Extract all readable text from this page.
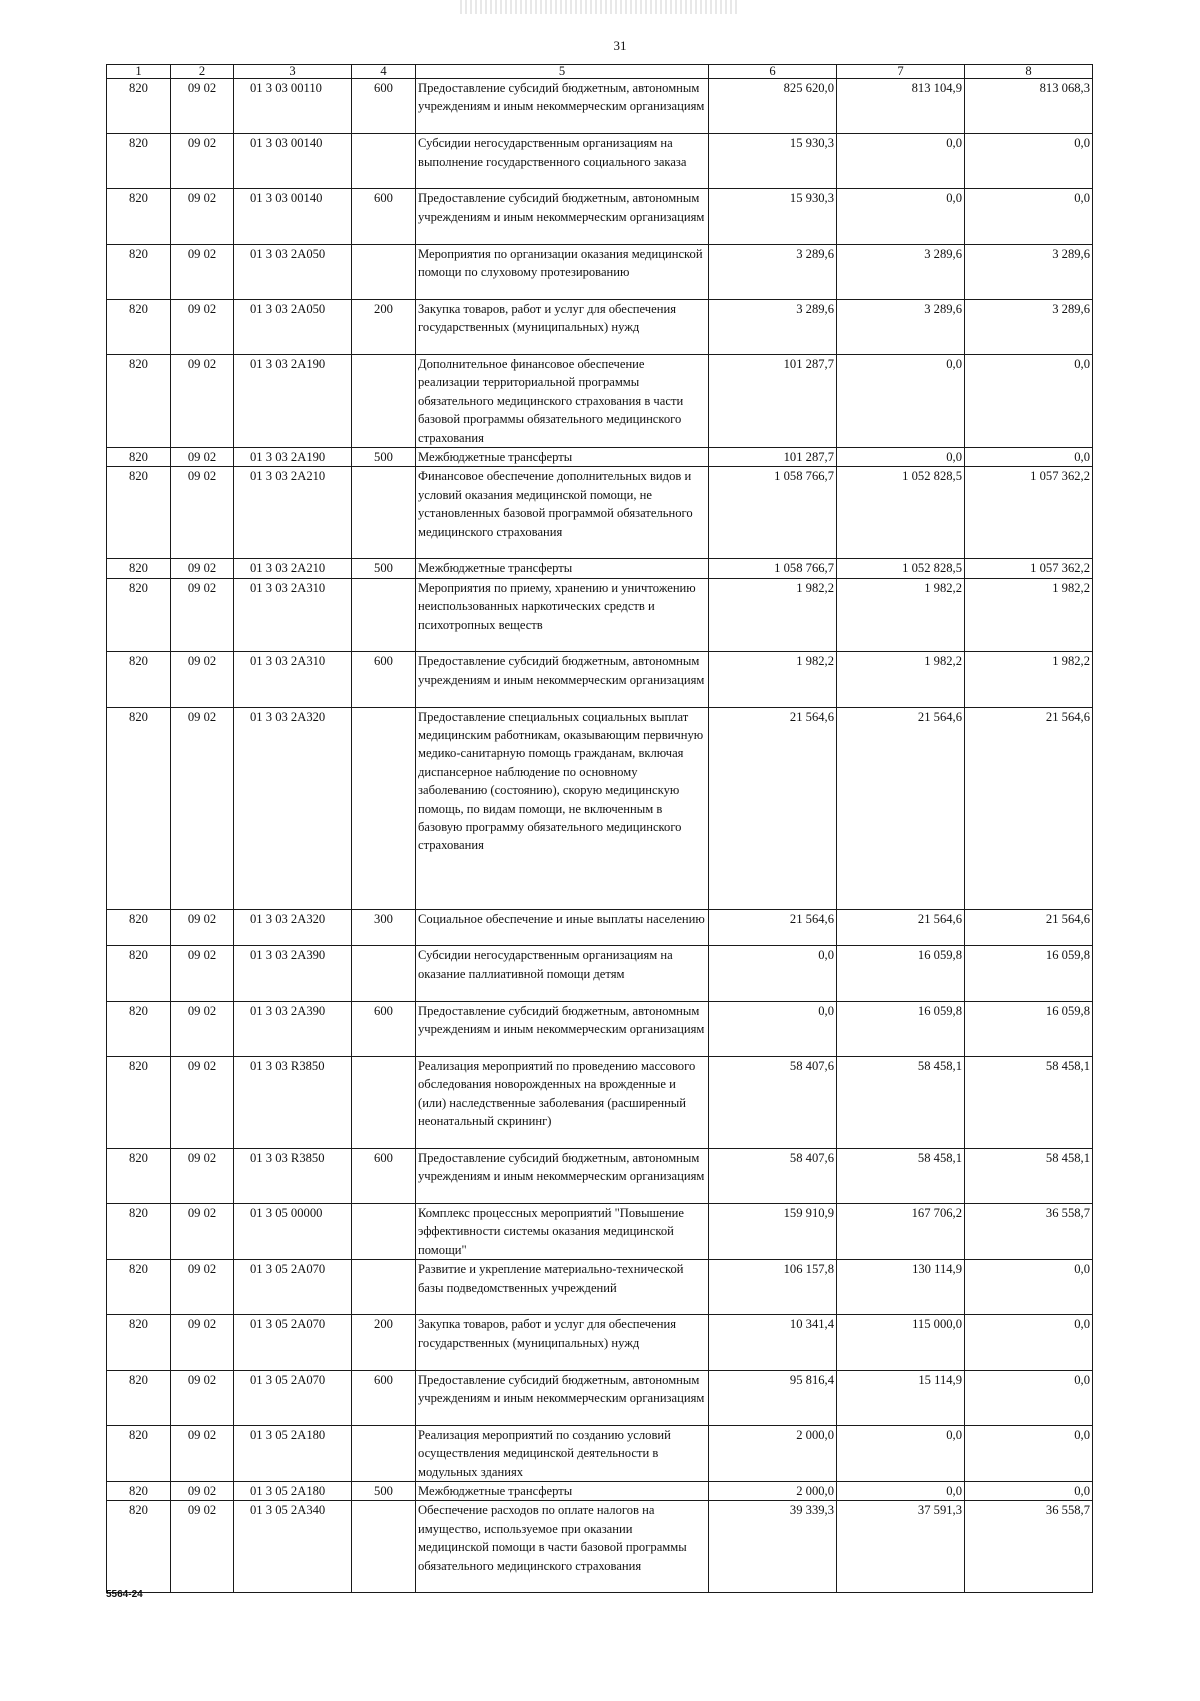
31
1	2	3	4	5	6	7	8
820	09 02	01 3 03 00110	600	Предоставление субсидий бюджетным, автономным учреждениям и иным некоммерческим организациям	825 620,0	813 104,9	813 068,3
820	09 02	01 3 03 00140		Субсидии негосударственным организациям на выполнение государственного социального заказа	15 930,3	0,0	0,0
820	09 02	01 3 03 00140	600	Предоставление субсидий бюджетным, автономным учреждениям и иным некоммерческим организациям	15 930,3	0,0	0,0
820	09 02	01 3 03 2А050		Мероприятия по организации оказания медицинской помощи по слуховому протезированию	3 289,6	3 289,6	3 289,6
820	09 02	01 3 03 2А050	200	Закупка товаров, работ и услуг для обеспечения государственных (муниципальных) нужд	3 289,6	3 289,6	3 289,6
820	09 02	01 3 03 2А190		Дополнительное финансовое обеспечение реализации территориальной программы обязательного медицинского страхования в части базовой программы обязательного медицинского страхования	101 287,7	0,0	0,0
820	09 02	01 3 03 2А190	500	Межбюджетные трансферты	101 287,7	0,0	0,0
820	09 02	01 3 03 2А210		Финансовое обеспечение дополнительных видов и условий оказания медицинской помощи, не установленных базовой программой обязательного медицинского страхования	1 058 766,7	1 052 828,5	1 057 362,2
820	09 02	01 3 03 2А210	500	Межбюджетные трансферты	1 058 766,7	1 052 828,5	1 057 362,2
820	09 02	01 3 03 2А310		Мероприятия по приему, хранению и уничтожению неиспользованных наркотических средств и психотропных веществ	1 982,2	1 982,2	1 982,2
820	09 02	01 3 03 2А310	600	Предоставление субсидий бюджетным, автономным учреждениям и иным некоммерческим организациям	1 982,2	1 982,2	1 982,2
820	09 02	01 3 03 2А320		Предоставление специальных социальных выплат медицинским работникам, оказывающим первичную медико-санитарную помощь гражданам, включая диспансерное наблюдение по основному заболеванию (состоянию), скорую медицинскую помощь, по видам помощи, не включенным в базовую программу обязательного медицинского страхования	21 564,6	21 564,6	21 564,6
820	09 02	01 3 03 2А320	300	Социальное обеспечение и иные выплаты населению	21 564,6	21 564,6	21 564,6
820	09 02	01 3 03 2А390		Субсидии негосударственным организациям на оказание паллиативной помощи детям	0,0	16 059,8	16 059,8
820	09 02	01 3 03 2А390	600	Предоставление субсидий бюджетным, автономным учреждениям и иным некоммерческим организациям	0,0	16 059,8	16 059,8
820	09 02	01 3 03 R3850		Реализация мероприятий по проведению массового обследования новорожденных на врожденные и (или) наследственные заболевания (расширенный неонатальный скрининг)	58 407,6	58 458,1	58 458,1
820	09 02	01 3 03 R3850	600	Предоставление субсидий бюджетным, автономным учреждениям и иным некоммерческим организациям	58 407,6	58 458,1	58 458,1
820	09 02	01 3 05 00000		Комплекс процессных мероприятий "Повышение эффективности системы оказания медицинской помощи"	159 910,9	167 706,2	36 558,7
820	09 02	01 3 05 2А070		Развитие и укрепление материально-технической базы подведомственных учреждений	106 157,8	130 114,9	0,0
820	09 02	01 3 05 2А070	200	Закупка товаров, работ и услуг для обеспечения государственных (муниципальных) нужд	10 341,4	115 000,0	0,0
820	09 02	01 3 05 2А070	600	Предоставление субсидий бюджетным, автономным учреждениям и иным некоммерческим организациям	95 816,4	15 114,9	0,0
820	09 02	01 3 05 2А180		Реализация мероприятий по созданию условий осуществления медицинской деятельности в модульных зданиях	2 000,0	0,0	0,0
820	09 02	01 3 05 2А180	500	Межбюджетные трансферты	2 000,0	0,0	0,0
820	09 02	01 3 05 2А340		Обеспечение расходов по оплате налогов на имущество, используемое при оказании медицинской помощи в части базовой программы обязательного медицинского страхования	39 339,3	37 591,3	36 558,7
5564-24
